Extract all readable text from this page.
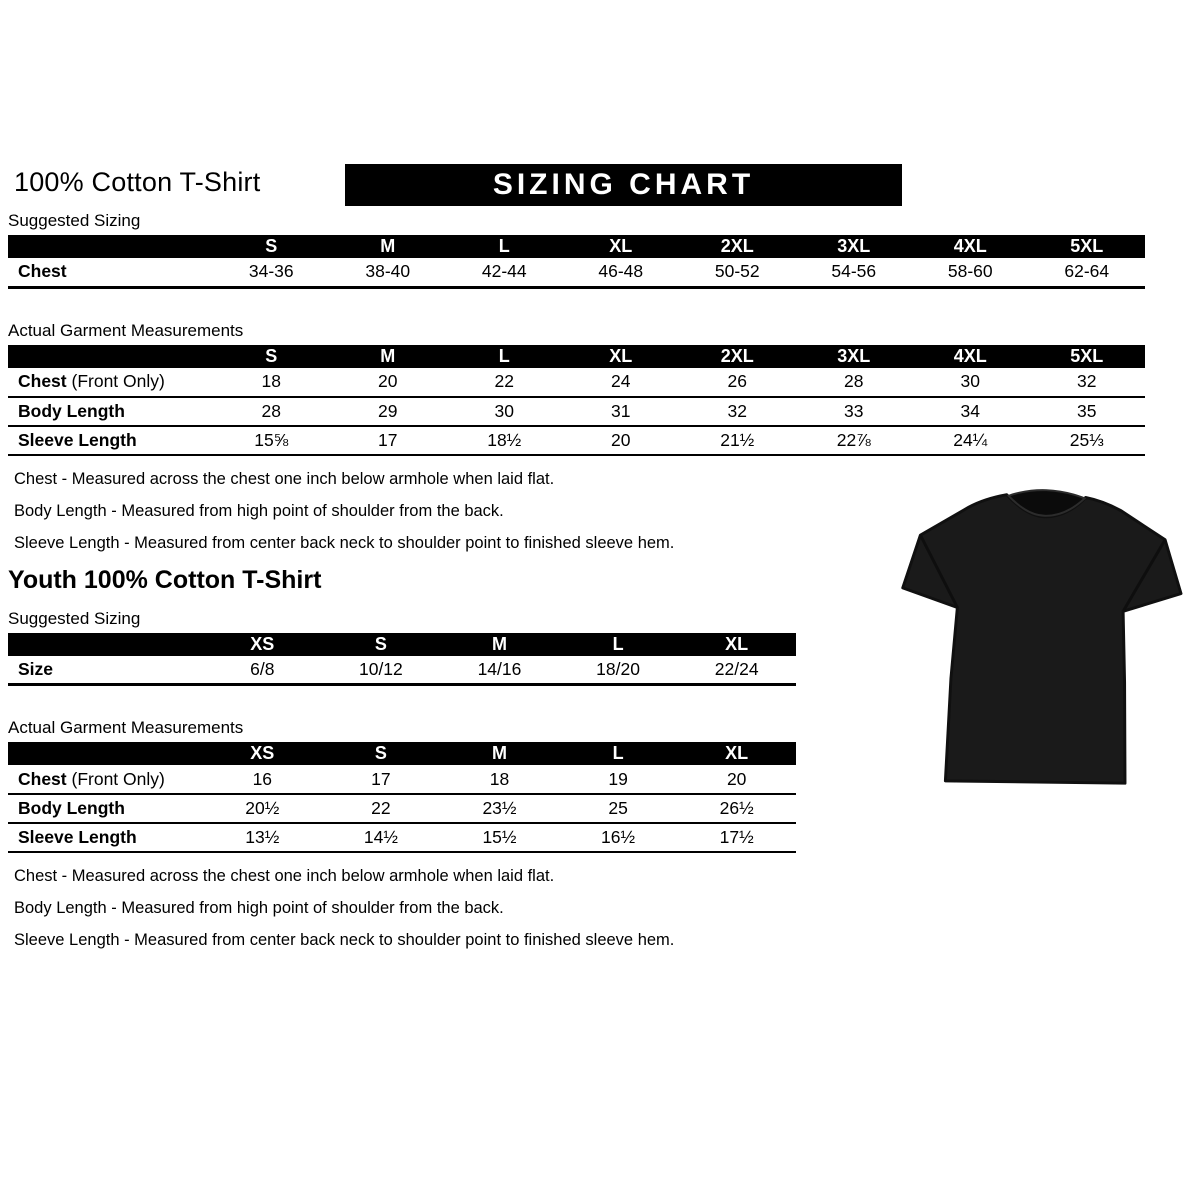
100% Cotton T-Shirt	SIZING CHART

Suggested Sizing

	S	M	L	XL	2XL	3XL	4XL	5XL
Chest	34-36	38-40	42-44	46-48	50-52	54-56	58-60	62-64

Actual Garment Measurements

	S	M	L	XL	2XL	3XL	4XL	5XL
Chest (Front Only)	18	20	22	24	26	28	30	32
Body Length	28	29	30	31	32	33	34	35
Sleeve Length	15⅝	17	18½	20	21½	22⅞	24¼	25⅓

Chest - Measured across the chest one inch below armhole when laid flat.

Body Length - Measured from high point of shoulder from the back.

Sleeve Length - Measured from center back neck to shoulder point to finished sleeve hem.

Youth 100% Cotton T-Shirt

Suggested Sizing

	XS	S	M	L	XL
Size	6/8	10/12	14/16	18/20	22/24

Actual Garment Measurements

	XS	S	M	L	XL
Chest (Front Only)	16	17	18	19	20
Body Length	20½	22	23½	25	26½
Sleeve Length	13½	14½	15½	16½	17½

Chest - Measured across the chest one inch below armhole when laid flat.

Body Length - Measured from high point of shoulder from the back.

Sleeve Length - Measured from center back neck to shoulder point to finished sleeve hem.
